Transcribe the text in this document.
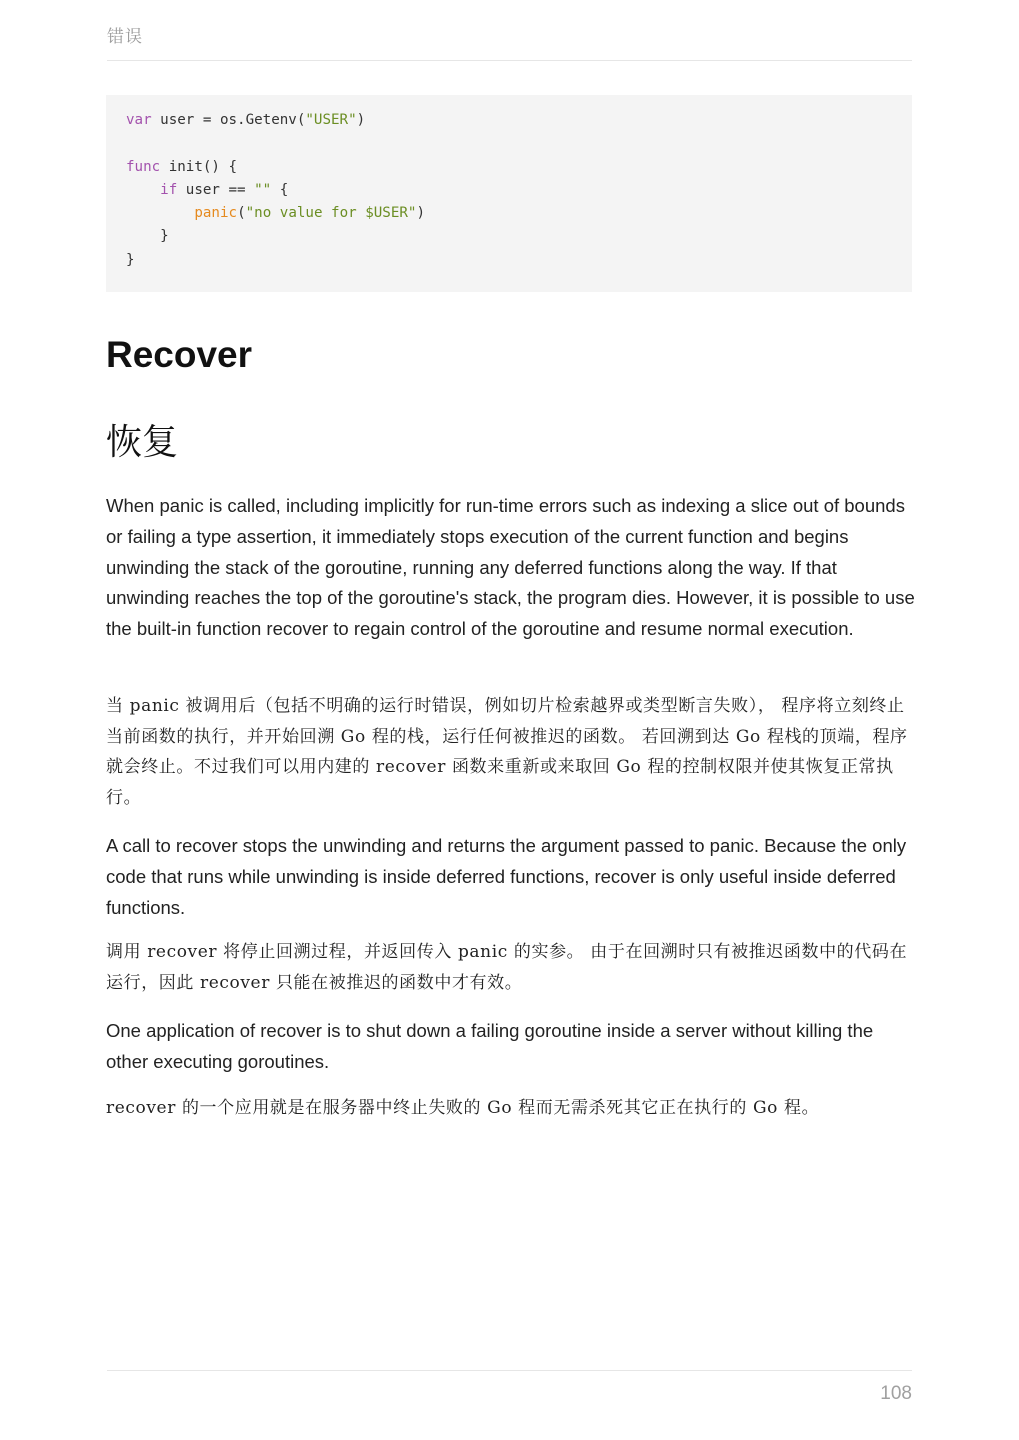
错误
var user = os.Getenv("USER")
func init() {
if user == "" {
panic("no value for $USER")
}
}
Recover
恢复

When panic is called, including implicitly for run-time errors such as indexing a slice out of bounds or failing a type assertion, it immediately stops execution of the current function and begins unwinding the stack of the goroutine, running any deferred functions along the way. If that unwinding reaches the top of the goroutine's stack, the program dies. However, it is possible to use the built-in function recover to regain control of the goroutine and resume normal execution.

当 panic 被调用后（包括不明确的运行时错误，例如切片检索越界或类型断言失败）， 程序将立刻终止当前函数的执行，并开始回溯 Go 程的栈，运行任何被推迟的函数。 若回溯到达 Go 程栈的顶端，程序就会终止。不过我们可以用内建的 recover 函数来重新或来取回 Go 程的控制权限并使其恢复正常执行。

A call to recover stops the unwinding and returns the argument passed to panic. Because the only code that runs while unwinding is inside deferred functions, recover is only useful inside deferred functions.

调用 recover 将停止回溯过程，并返回传入 panic 的实参。 由于在回溯时只有被推迟函数中的代码在运行，因此 recover 只能在被推迟的函数中才有效。

One application of recover is to shut down a failing goroutine inside a server without killing the other executing goroutines.

recover 的一个应用就是在服务器中终止失败的 Go 程而无需杀死其它正在执行的 Go 程。

108
